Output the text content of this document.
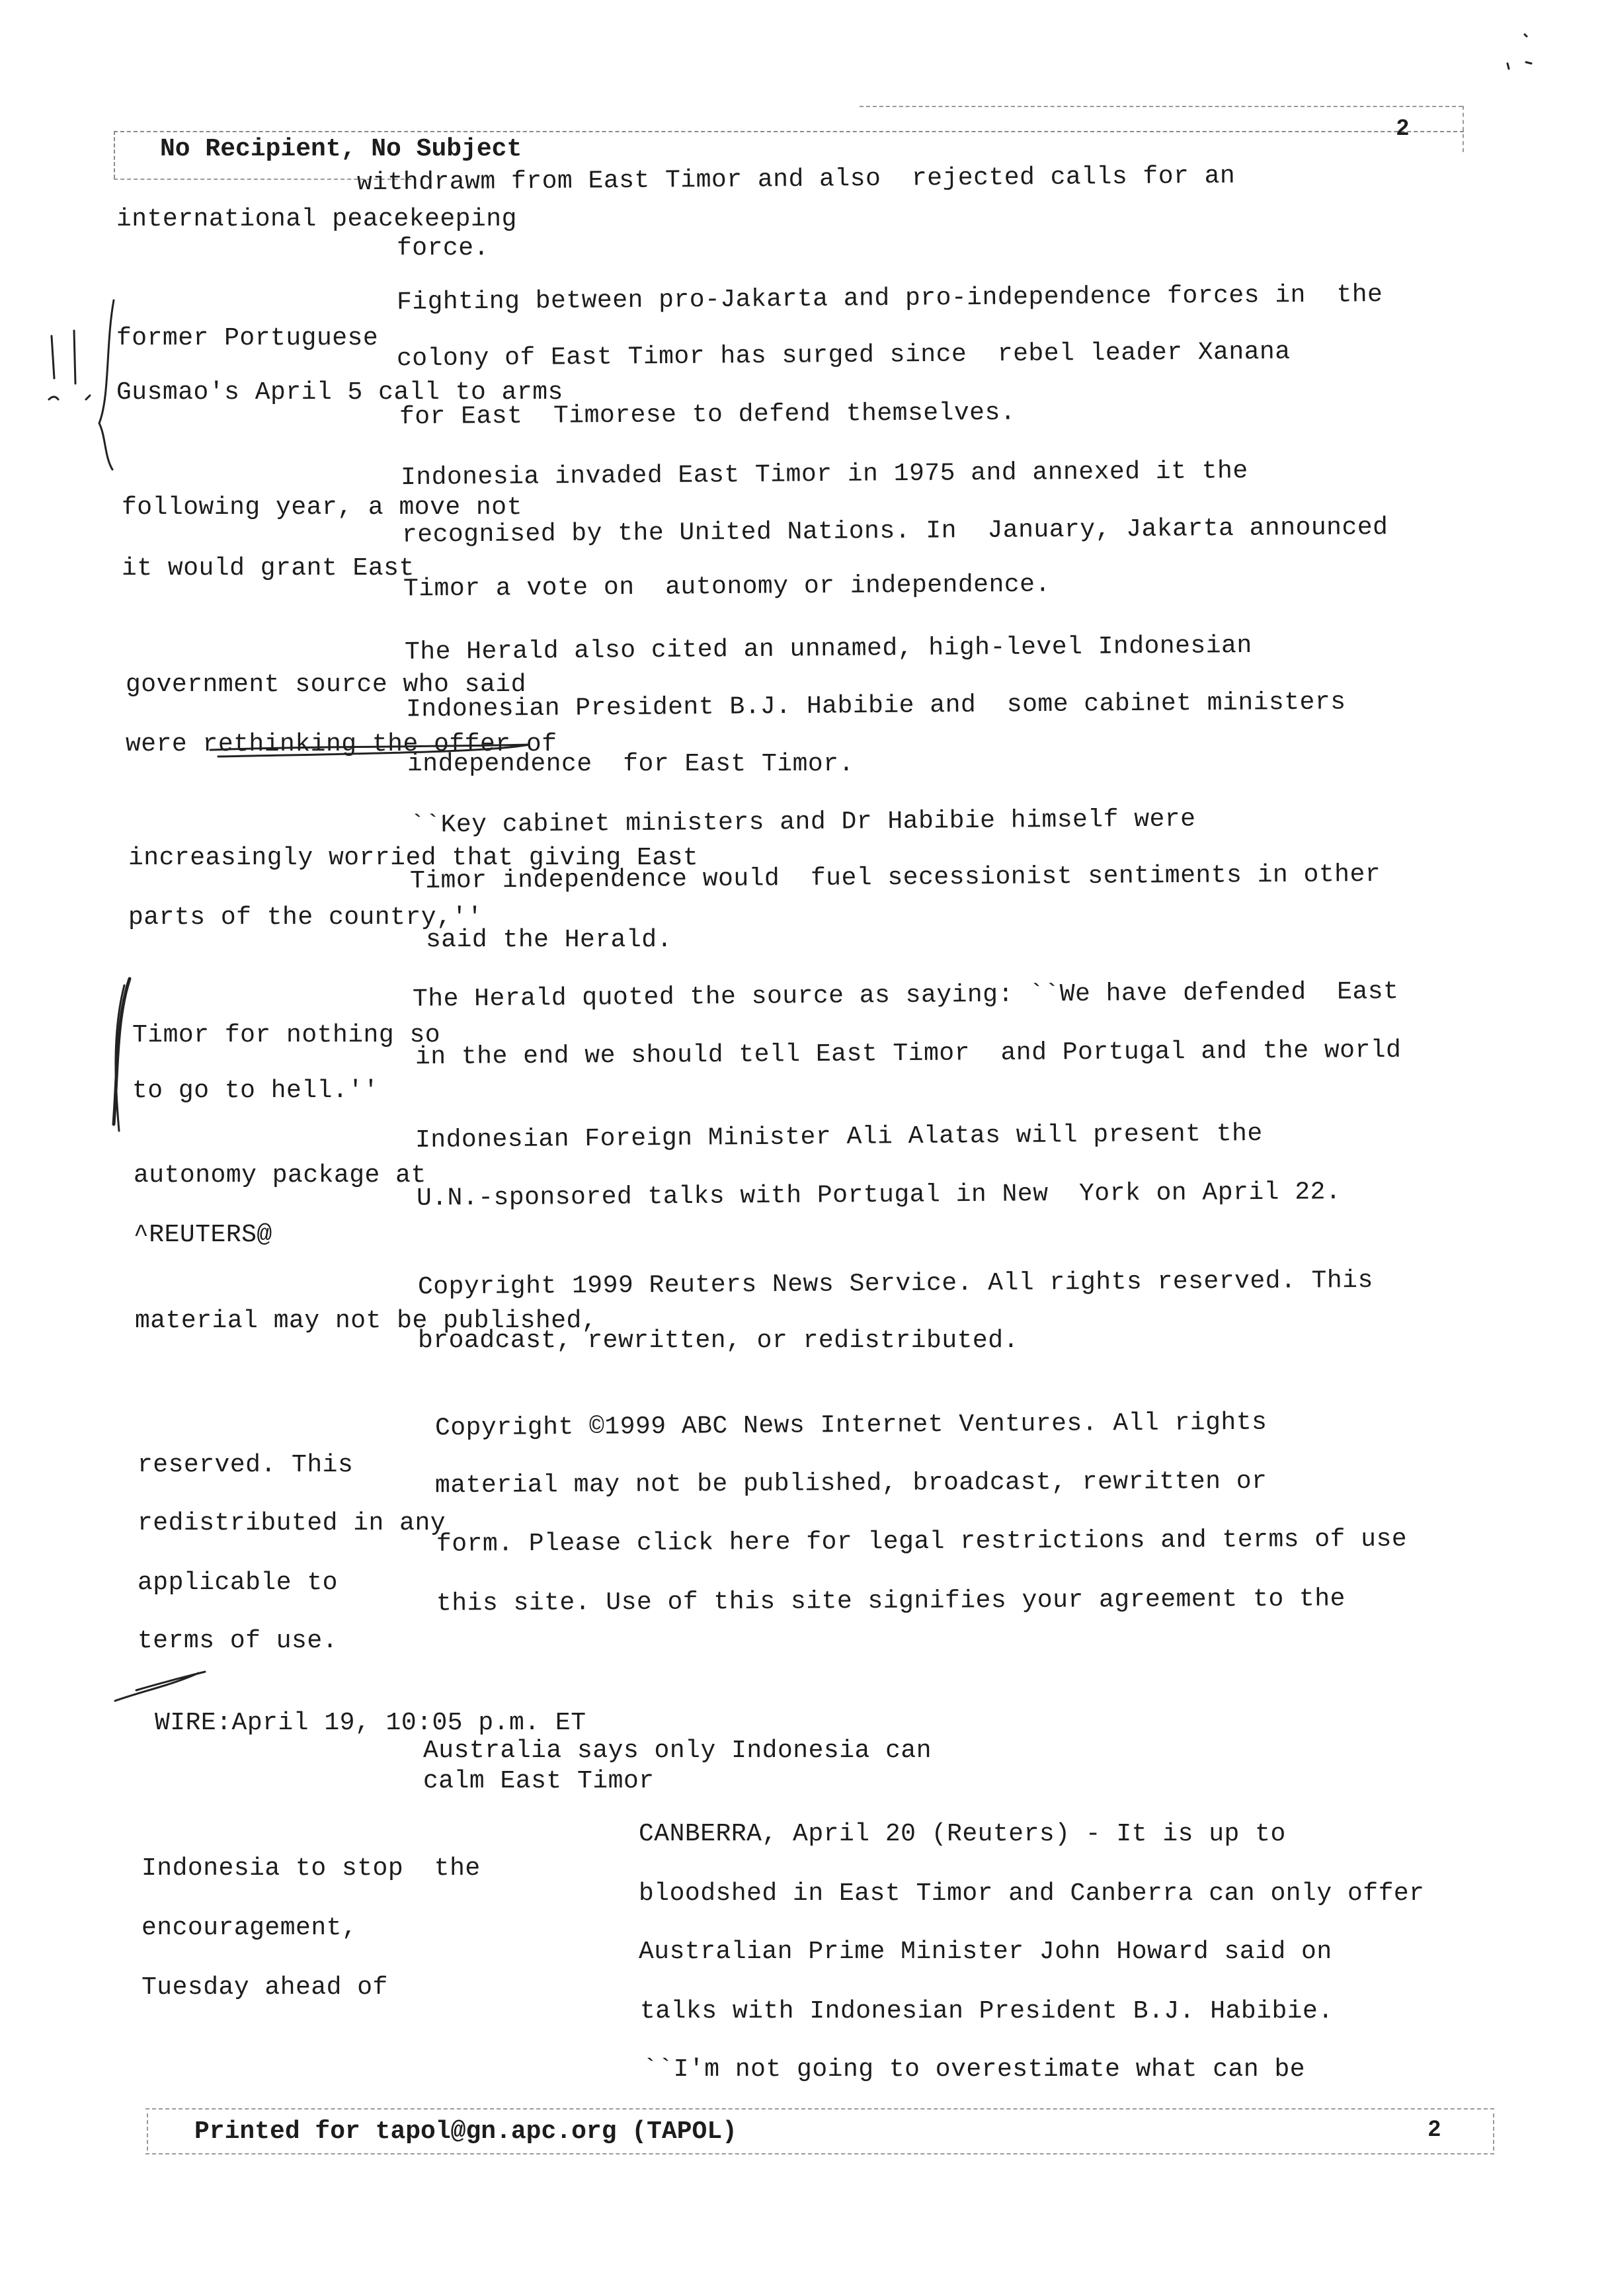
No Recipient, No Subject
2
withdrawm from East Timor and also  rejected calls for an
international peacekeeping
force.
Fighting between pro-Jakarta and pro-independence forces in  the
former Portuguese colony of East Timor has surged since  rebel leader Xanana
Gusmao's April 5 call to arms
for East  Timorese to defend themselves.
Indonesia invaded East Timor in 1975 and annexed it the
following year, a move not
recognised by the United Nations. In  January, Jakarta announced
it would grant East
Timor a vote on  autonomy or independence.
The Herald also cited an unnamed, high-level Indonesian
government source who said
Indonesian President B.J. Habibie and  some cabinet ministers
were rethinking the offer of
independence  for East Timor.
``Key cabinet ministers and Dr Habibie himself were
increasingly worried that giving East
Timor independence would  fuel secessionist sentiments in other
parts of the country,''
said the Herald.
The Herald quoted the source as saying: ``We have defended  East
Timor for nothing so
in the end we should tell East Timor  and Portugal and the world
to go to hell.''
Indonesian Foreign Minister Ali Alatas will present the
autonomy package at
U.N.-sponsored talks with Portugal in New  York on April 22.
^REUTERS@
Copyright 1999 Reuters News Service. All rights reserved. This
material may not be published,
broadcast, rewritten, or redistributed.
Copyright ©1999 ABC News Internet Ventures. All rights
reserved. This
material may not be published, broadcast, rewritten or
redistributed in any
form. Please click here for legal restrictions and terms of use
applicable to
this site. Use of this site signifies your agreement to the
terms of use.
WIRE:April 19, 10:05 p.m. ET
Australia says only Indonesia can
calm East Timor
CANBERRA, April 20 (Reuters) - It is up to
Indonesia to stop  the
bloodshed in East Timor and Canberra can only offer
encouragement,
Australian Prime Minister John Howard said on
Tuesday ahead of
talks with Indonesian President B.J. Habibie.
``I'm not going to overestimate what can be
Printed for tapol@gn.apc.org (TAPOL)	2
